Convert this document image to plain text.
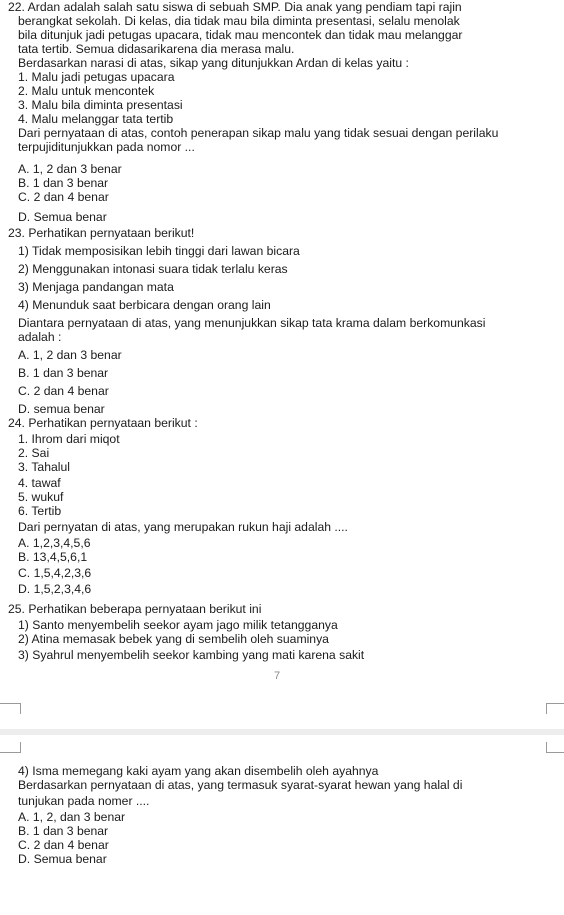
22. Ardan adalah salah satu siswa di sebuah SMP. Dia anak yang pendiam tapi rajin
berangkat sekolah. Di kelas, dia tidak mau bila diminta presentasi, selalu menolak
bila ditunjuk jadi petugas upacara, tidak mau mencontek dan tidak mau melanggar
tata tertib. Semua didasarikarena dia merasa malu.
Berdasarkan narasi di atas, sikap yang ditunjukkan Ardan di kelas yaitu :
1. Malu jadi petugas upacara
2. Malu untuk mencontek
3. Malu bila diminta presentasi
4. Malu melanggar tata tertib
Dari pernyataan di atas, contoh penerapan sikap malu yang tidak sesuai dengan perilaku
terpujiditunjukkan pada nomor ...
A. 1, 2 dan 3 benar
B. 1 dan 3 benar
C. 2 dan 4 benar
D. Semua benar
23. Perhatikan pernyataan berikut!
1) Tidak memposisikan lebih tinggi dari lawan bicara
2) Menggunakan intonasi suara tidak terlalu keras
3) Menjaga pandangan mata
4) Menunduk saat berbicara dengan orang lain
Diantara pernyataan di atas, yang menunjukkan sikap tata krama dalam berkomunkasi
adalah :
A. 1, 2 dan 3 benar
B. 1 dan 3 benar
C. 2 dan 4 benar
D. semua benar
24. Perhatikan pernyataan berikut :
1. Ihrom dari miqot
2. Sai
3. Tahalul
4. tawaf
5. wukuf
6. Tertib
Dari pernyatan di atas, yang merupakan rukun haji adalah ....
A. 1,2,3,4,5,6
B. 13,4,5,6,1
C. 1,5,4,2,3,6
D. 1,5,2,3,4,6
25. Perhatikan beberapa pernyataan berikut ini
1) Santo menyembelih seekor ayam jago milik tetangganya
2) Atina memasak bebek yang di sembelih oleh suaminya
3) Syahrul menyembelih seekor kambing yang mati karena sakit
7
4) Isma memegang kaki ayam yang akan disembelih oleh ayahnya
Berdasarkan pernyataan di atas, yang termasuk syarat-syarat hewan yang halal di
tunjukan pada nomer ....
A. 1, 2, dan 3 benar
B. 1 dan 3 benar
C. 2 dan 4 benar
D. Semua benar
